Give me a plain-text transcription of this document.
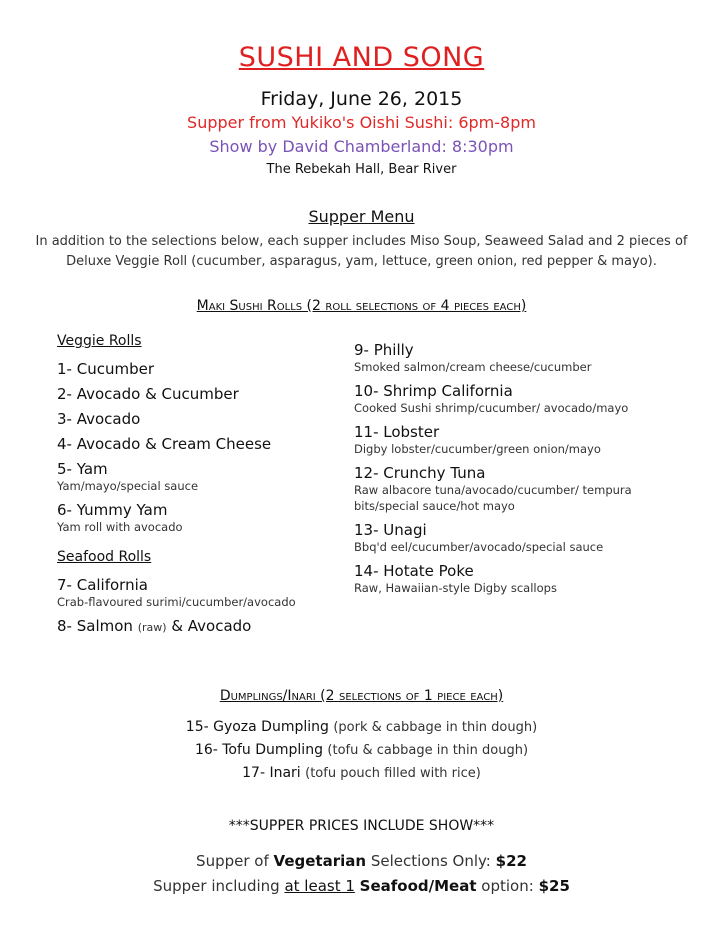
SUSHI AND SONG
Friday, June 26, 2015
Supper from Yukiko's Oishi Sushi: 6pm-8pm
Show by David Chamberland: 8:30pm
The Rebekah Hall, Bear River
Supper Menu
In addition to the selections below, each supper includes Miso Soup, Seaweed Salad and 2 pieces of Deluxe Veggie Roll (cucumber, asparagus, yam, lettuce, green onion, red pepper & mayo).
Maki Sushi Rolls (2 roll selections of 4 pieces each)
Veggie Rolls
1- Cucumber
2- Avocado & Cucumber
3- Avocado
4- Avocado & Cream Cheese
5- Yam
Yam/mayo/special sauce
6- Yummy Yam
Yam roll with avocado
Seafood Rolls
7- California
Crab-flavoured surimi/cucumber/avocado
8- Salmon (raw) & Avocado
9- Philly
Smoked salmon/cream cheese/cucumber
10- Shrimp California
Cooked Sushi shrimp/cucumber/ avocado/mayo
11- Lobster
Digby lobster/cucumber/green onion/mayo
12- Crunchy Tuna
Raw albacore tuna/avocado/cucumber/ tempura bits/special sauce/hot mayo
13- Unagi
Bbq'd eel/cucumber/avocado/special sauce
14- Hotate Poke
Raw, Hawaiian-style Digby scallops
Dumplings/Inari (2 selections of 1 piece each)
15- Gyoza Dumpling (pork & cabbage in thin dough)
16- Tofu Dumpling (tofu & cabbage in thin dough)
17- Inari (tofu pouch filled with rice)
***SUPPER PRICES INCLUDE SHOW***
Supper of Vegetarian Selections Only: $22
Supper including at least 1 Seafood/Meat option: $25
